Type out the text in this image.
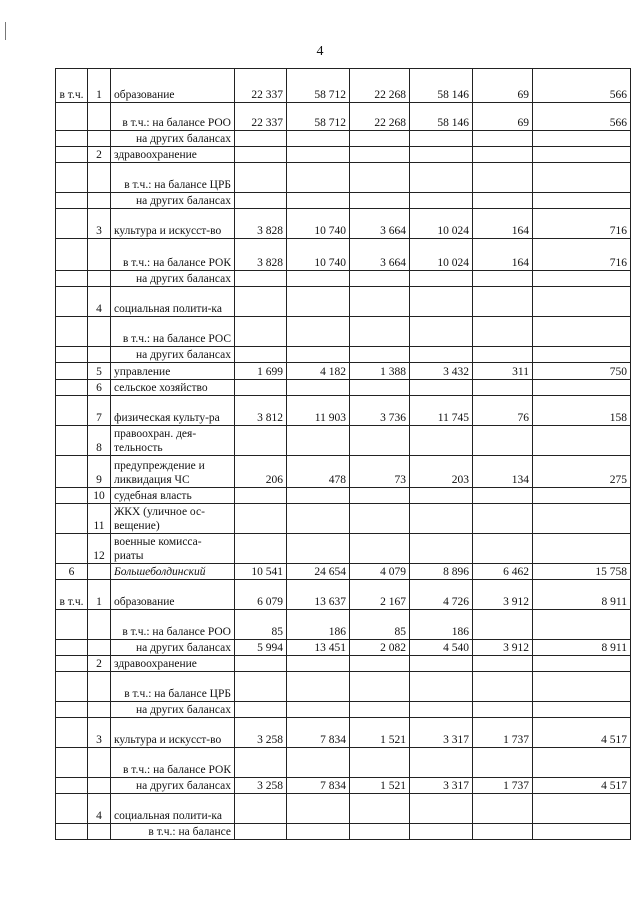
4
в т.ч.	1	образование	22 337	58 712	22 268	58 146	69	566
		в т.ч.: на балансе РОО	22 337	58 712	22 268	58 146	69	566
		на других балансах						
	2	здравоохранение						
		в т.ч.: на балансе ЦРБ						
		на других балансах						
	3	культура и искусст-во	3 828	10 740	3 664	10 024	164	716
		в т.ч.: на балансе РОК	3 828	10 740	3 664	10 024	164	716
		на других балансах						
	4	социальная полити-ка						
		в т.ч.: на балансе РОС						
		на других балансах						
	5	управление	1 699	4 182	1 388	3 432	311	750
	6	сельское хозяйство						
	7	физическая культу-ра	3 812	11 903	3 736	11 745	76	158
	8	правоохран. дея-тельность						
	9	предупреждение и ликвидация ЧС	206	478	73	203	134	275
	10	судебная власть						
	11	ЖКХ (уличное ос-вещение)						
	12	военные комисса-риаты						
6		Большеболдинский	10 541	24 654	4 079	8 896	6 462	15 758
в т.ч.	1	образование	6 079	13 637	2 167	4 726	3 912	8 911
		в т.ч.: на балансе РОО	85	186	85	186		
		на других балансах	5 994	13 451	2 082	4 540	3 912	8 911
	2	здравоохранение						
		в т.ч.: на балансе ЦРБ						
		на других балансах						
	3	культура и искусст-во	3 258	7 834	1 521	3 317	1 737	4 517
		в т.ч.: на балансе РОК						
		на других балансах	3 258	7 834	1 521	3 317	1 737	4 517
	4	социальная полити-ка						
		в т.ч.: на балансе						
